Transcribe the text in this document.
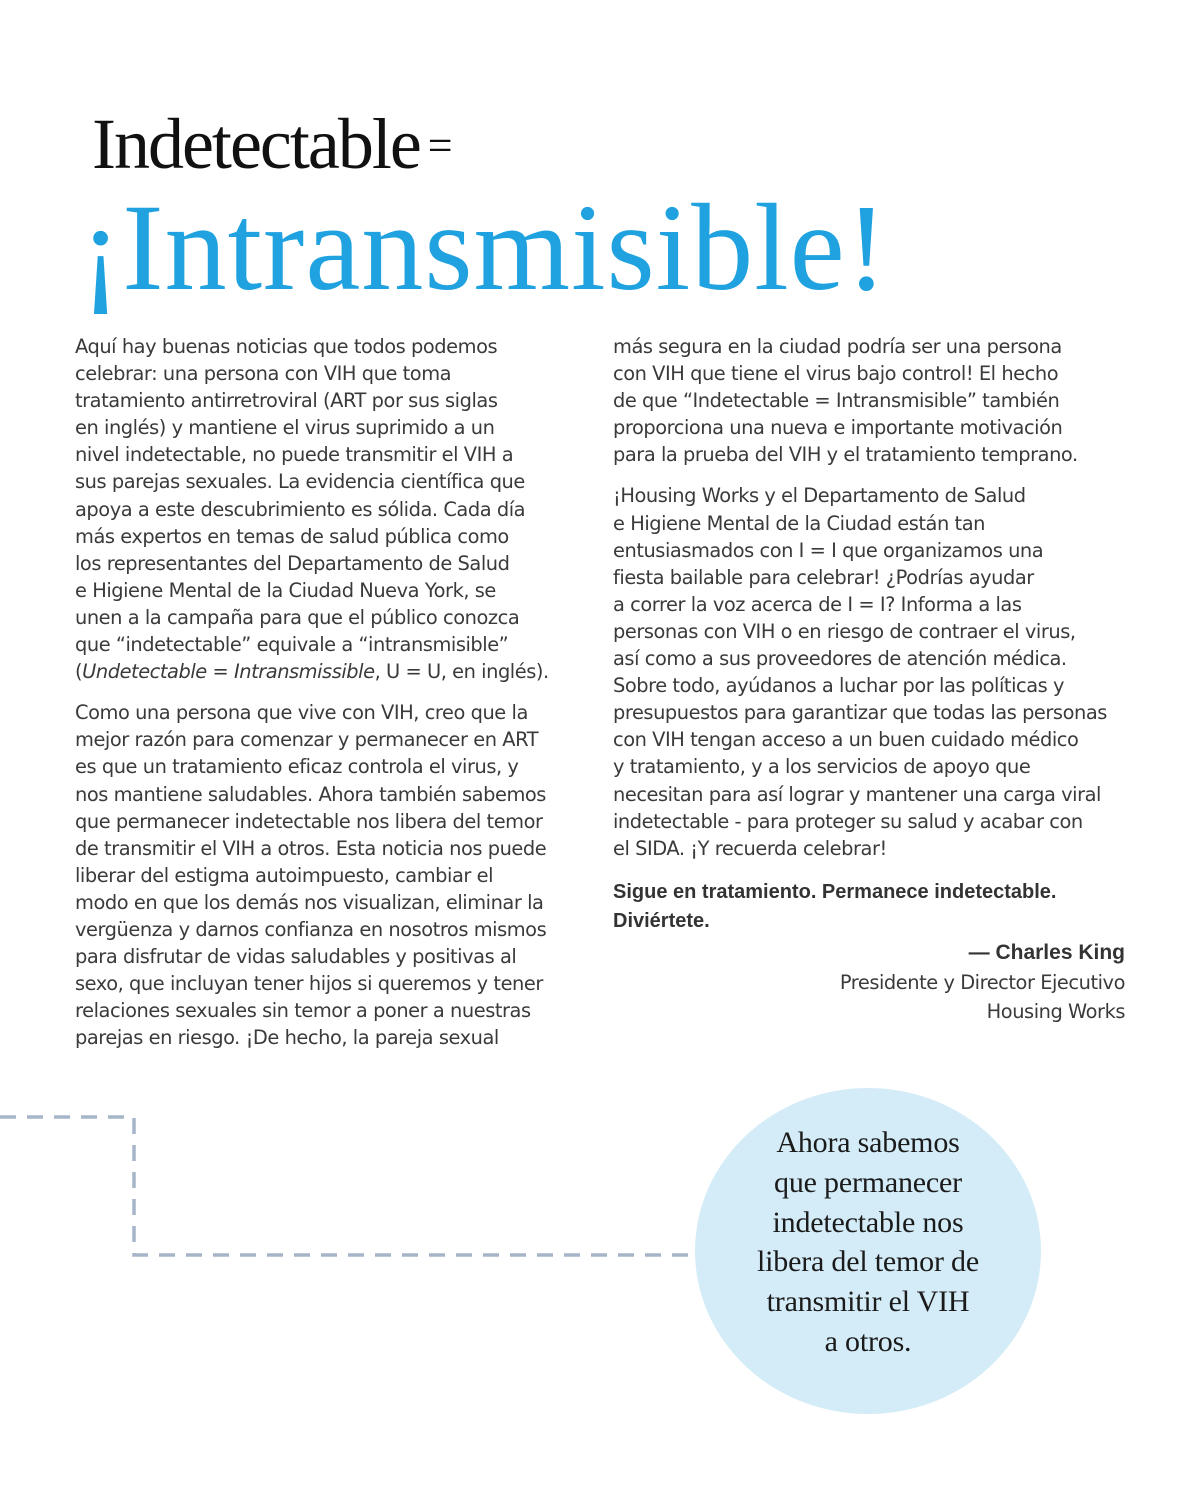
Indetectable =
¡Intransmisible!

Aquí hay buenas noticias que todos podemos
celebrar: una persona con VIH que toma
tratamiento antirretroviral (ART por sus siglas
en inglés) y mantiene el virus suprimido a un
nivel indetectable, no puede transmitir el VIH a
sus parejas sexuales. La evidencia científica que
apoya a este descubrimiento es sólida. Cada día
más expertos en temas de salud pública como
los representantes del Departamento de Salud
e Higiene Mental de la Ciudad Nueva York, se
unen a la campaña para que el público conozca
que “indetectable” equivale a “intransmisible”
(Undetectable = Intransmissible, U = U, en inglés).

Como una persona que vive con VIH, creo que la
mejor razón para comenzar y permanecer en ART
es que un tratamiento eficaz controla el virus, y
nos mantiene saludables. Ahora también sabemos
que permanecer indetectable nos libera del temor
de transmitir el VIH a otros. Esta noticia nos puede
liberar del estigma autoimpuesto, cambiar el
modo en que los demás nos visualizan, eliminar la
vergüenza y darnos confianza en nosotros mismos
para disfrutar de vidas saludables y positivas al
sexo, que incluyan tener hijos si queremos y tener
relaciones sexuales sin temor a poner a nuestras
parejas en riesgo. ¡De hecho, la pareja sexual

más segura en la ciudad podría ser una persona
con VIH que tiene el virus bajo control! El hecho
de que “Indetectable = Intransmisible” también
proporciona una nueva e importante motivación
para la prueba del VIH y el tratamiento temprano.

¡Housing Works y el Departamento de Salud
e Higiene Mental de la Ciudad están tan
entusiasmados con I = I que organizamos una
fiesta bailable para celebrar! ¿Podrías ayudar
a correr la voz acerca de I = I? Informa a las
personas con VIH o en riesgo de contraer el virus,
así como a sus proveedores de atención médica.
Sobre todo, ayúdanos a luchar por las políticas y
presupuestos para garantizar que todas las personas
con VIH tengan acceso a un buen cuidado médico
y tratamiento, y a los servicios de apoyo que
necesitan para así lograr y mantener una carga viral
indetectable - para proteger su salud y acabar con
el SIDA. ¡Y recuerda celebrar!

Sigue en tratamiento. Permanece indetectable.
Diviértete.
— Charles King
Presidente y Director Ejecutivo
Housing Works
Ahora sabemos
que permanecer
indetectable nos
libera del temor de
transmitir el VIH
a otros.
